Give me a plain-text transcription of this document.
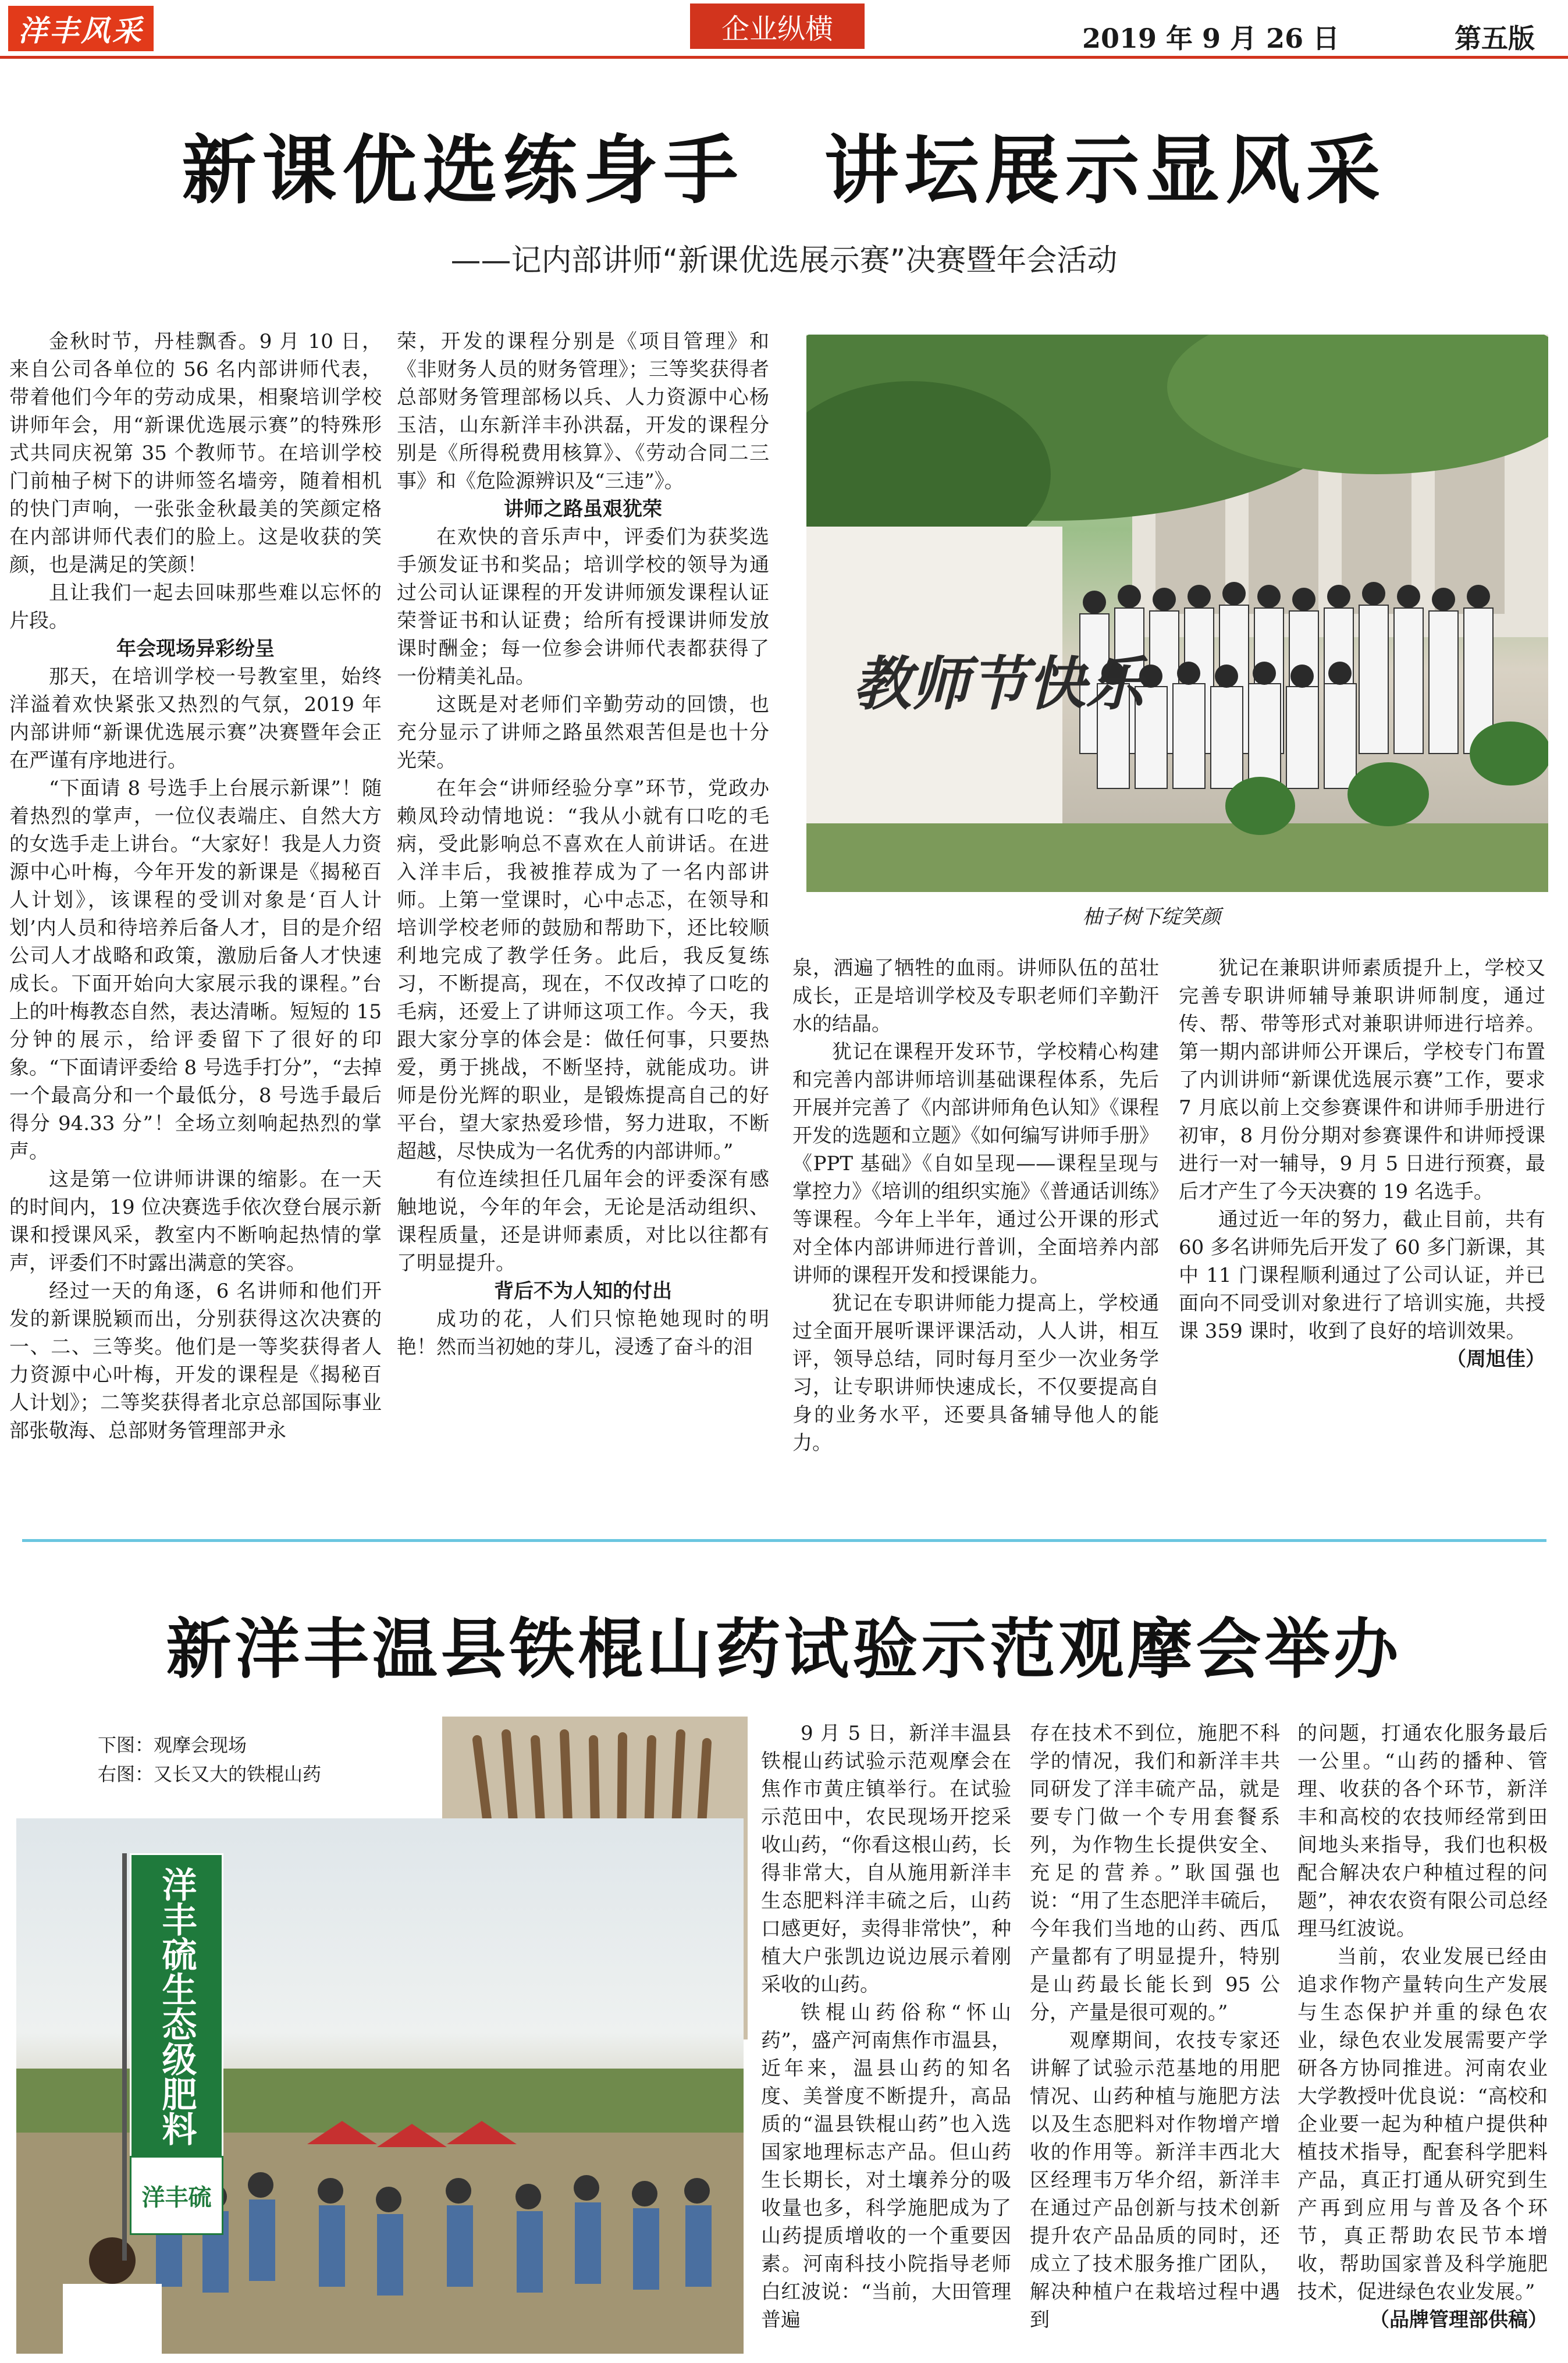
洋丰风采	企业纵横	2019 年 9 月 26 日	第五版
新课优选练身手　讲坛展示显风采
——记内部讲师“新课优选展示赛”决赛暨年会活动

金秋时节，丹桂飘香。9 月 10 日，来自公司各单位的 56 名内部讲师代表，带着他们今年的劳动成果，相聚培训学校讲师年会，用“新课优选展示赛”的特殊形式共同庆祝第 35 个教师节。在培训学校门前柚子树下的讲师签名墙旁，随着相机的快门声响，一张张金秋最美的笑颜定格在内部讲师代表们的脸上。这是收获的笑颜，也是满足的笑颜！

且让我们一起去回味那些难以忘怀的片段。

年会现场异彩纷呈

那天，在培训学校一号教室里，始终洋溢着欢快紧张又热烈的气氛，2019 年内部讲师“新课优选展示赛”决赛暨年会正在严谨有序地进行。

“下面请 8 号选手上台展示新课”！随着热烈的掌声，一位仪表端庄、自然大方的女选手走上讲台。“大家好！我是人力资源中心叶梅，今年开发的新课是《揭秘百人计划》，该课程的受训对象是‘百人计划’内人员和待培养后备人才，目的是介绍公司人才战略和政策，激励后备人才快速成长。下面开始向大家展示我的课程。”台上的叶梅教态自然，表达清晰。短短的 15 分钟的展示，给评委留下了很好的印象。“下面请评委给 8 号选手打分”，“去掉一个最高分和一个最低分，8 号选手最后得分 94.33 分”！全场立刻响起热烈的掌声。

这是第一位讲师讲课的缩影。在一天的时间内，19 位决赛选手依次登台展示新课和授课风采，教室内不断响起热情的掌声，评委们不时露出满意的笑容。

经过一天的角逐，6 名讲师和他们开发的新课脱颖而出，分别获得这次决赛的一、二、三等奖。他们是一等奖获得者人力资源中心叶梅，开发的课程是《揭秘百人计划》；二等奖获得者北京总部国际事业部张敬海、总部财务管理部尹永

荣，开发的课程分别是《项目管理》和《非财务人员的财务管理》；三等奖获得者总部财务管理部杨以兵、人力资源中心杨玉洁，山东新洋丰孙洪磊，开发的课程分别是《所得税费用核算》、《劳动合同二三事》和《危险源辨识及“三违”》。

讲师之路虽艰犹荣

在欢快的音乐声中，评委们为获奖选手颁发证书和奖品；培训学校的领导为通过公司认证课程的开发讲师颁发课程认证荣誉证书和认证费；给所有授课讲师发放课时酬金；每一位参会讲师代表都获得了一份精美礼品。

这既是对老师们辛勤劳动的回馈，也充分显示了讲师之路虽然艰苦但是也十分光荣。

在年会“讲师经验分享”环节，党政办赖凤玲动情地说：“我从小就有口吃的毛病，受此影响总不喜欢在人前讲话。在进入洋丰后，我被推荐成为了一名内部讲师。上第一堂课时，心中忐忑，在领导和培训学校老师的鼓励和帮助下，还比较顺利地完成了教学任务。此后，我反复练习，不断提高，现在，不仅改掉了口吃的毛病，还爱上了讲师这项工作。今天，我跟大家分享的体会是：做任何事，只要热爱，勇于挑战，不断坚持，就能成功。讲师是份光辉的职业，是锻炼提高自己的好平台，望大家热爱珍惜，努力进取，不断超越，尽快成为一名优秀的内部讲师。”

有位连续担任几届年会的评委深有感触地说，今年的年会，无论是活动组织、课程质量，还是讲师素质，对比以往都有了明显提升。

背后不为人知的付出

成功的花，人们只惊艳她现时的明艳！然而当初她的芽儿，浸透了奋斗的泪

教师节快乐
柚子树下绽笑颜

泉，洒遍了牺牲的血雨。讲师队伍的茁壮成长，正是培训学校及专职老师们辛勤汗水的结晶。

犹记在课程开发环节，学校精心构建和完善内部讲师培训基础课程体系，先后开展并完善了《内部讲师角色认知》《课程开发的选题和立题》《如何编写讲师手册》《PPT 基础》《自如呈现——课程呈现与掌控力》《培训的组织实施》《普通话训练》等课程。今年上半年，通过公开课的形式对全体内部讲师进行普训，全面培养内部讲师的课程开发和授课能力。

犹记在专职讲师能力提高上，学校通过全面开展听课评课活动，人人讲，相互评，领导总结，同时每月至少一次业务学习，让专职讲师快速成长，不仅要提高自身的业务水平，还要具备辅导他人的能力。

犹记在兼职讲师素质提升上，学校又完善专职讲师辅导兼职讲师制度，通过传、帮、带等形式对兼职讲师进行培养。第一期内部讲师公开课后，学校专门布置了内训讲师“新课优选展示赛”工作，要求 7 月底以前上交参赛课件和讲师手册进行初审，8 月份分期对参赛课件和讲师授课进行一对一辅导，9 月 5 日进行预赛，最后才产生了今天决赛的 19 名选手。

通过近一年的努力，截止目前，共有 60 多名讲师先后开发了 60 多门新课，其中 11 门课程顺利通过了公司认证，并已面向不同受训对象进行了培训实施，共授课 359 课时，收到了良好的培训效果。

（周旭佳）
新洋丰温县铁棍山药试验示范观摩会举办
下图：观摩会现场
右图：又长又大的铁棍山药
洋丰硫生态级肥料
洋丰硫

9 月 5 日，新洋丰温县铁棍山药试验示范观摩会在焦作市黄庄镇举行。在试验示范田中，农民现场开挖采收山药，“你看这根山药，长得非常大，自从施用新洋丰生态肥料洋丰硫之后，山药口感更好，卖得非常快”，种植大户张凯边说边展示着刚采收的山药。

铁棍山药俗称“怀山药”，盛产河南焦作市温县，近年来，温县山药的知名度、美誉度不断提升，高品质的“温县铁棍山药”也入选国家地理标志产品。但山药生长期长，对土壤养分的吸收量也多，科学施肥成为了山药提质增收的一个重要因素。河南科技小院指导老师白红波说：“当前，大田管理普遍

存在技术不到位，施肥不科学的情况，我们和新洋丰共同研发了洋丰硫产品，就是要专门做一个专用套餐系列，为作物生长提供安全、充足的营养。”耿国强也说：“用了生态肥洋丰硫后，今年我们当地的山药、西瓜产量都有了明显提升，特别是山药最长能长到 95 公分，产量是很可观的。”

观摩期间，农技专家还讲解了试验示范基地的用肥情况、山药种植与施肥方法以及生态肥料对作物增产增收的作用等。新洋丰西北大区经理韦万华介绍，新洋丰在通过产品创新与技术创新提升农产品品质的同时，还成立了技术服务推广团队，解决种植户在栽培过程中遇到

的问题，打通农化服务最后一公里。“山药的播种、管理、收获的各个环节，新洋丰和高校的农技师经常到田间地头来指导，我们也积极配合解决农户种植过程的问题”，神农农资有限公司总经理马红波说。

当前，农业发展已经由追求作物产量转向生产发展与生态保护并重的绿色农业，绿色农业发展需要产学研各方协同推进。河南农业大学教授叶优良说：“高校和企业要一起为种植户提供种植技术指导，配套科学肥料产品，真正打通从研究到生产再到应用与普及各个环节，真正帮助农民节本增收，帮助国家普及科学施肥技术，促进绿色农业发展。”

（品牌管理部供稿）
